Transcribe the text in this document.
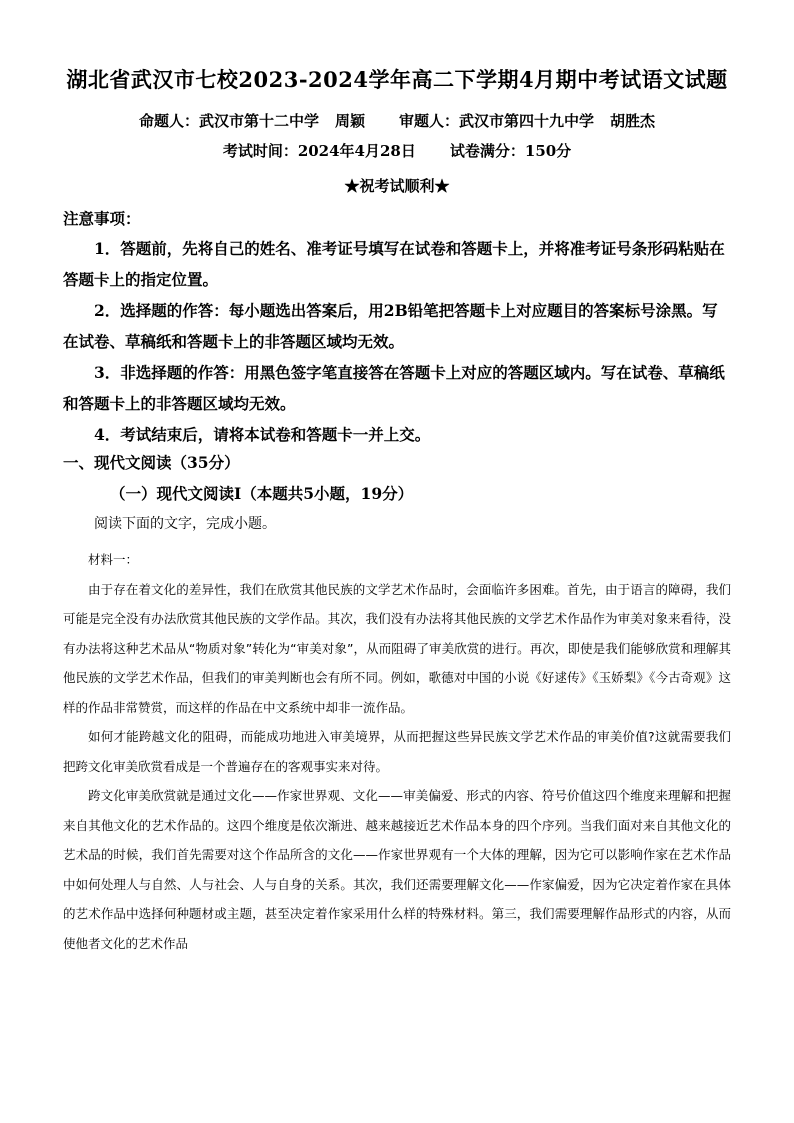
湖北省武汉市七校2023-2024学年高二下学期4月期中考试语文试题
命题人：武汉市第十二中学 周颖 审题人：武汉市第四十九中学 胡胜杰
考试时间：2024年4月28日 试卷满分：150分
★祝考试顺利★
注意事项：

1．答题前，先将自己的姓名、准考证号填写在试卷和答题卡上，并将准考证号条形码粘贴在答题卡上的指定位置。

2．选择题的作答：每小题选出答案后，用2B铅笔把答题卡上对应题目的答案标号涂黑。写在试卷、草稿纸和答题卡上的非答题区域均无效。

3．非选择题的作答：用黑色签字笔直接答在答题卡上对应的答题区域内。写在试卷、草稿纸和答题卡上的非答题区域均无效。

4．考试结束后，请将本试卷和答题卡一并上交。

一、现代文阅读（35分）
（一）现代文阅读Ⅰ（本题共5小题，19分）
阅读下面的文字，完成小题。

材料一：

由于存在着文化的差异性，我们在欣赏其他民族的文学艺术作品时，会面临许多困难。首先，由于语言的障碍，我们可能是完全没有办法欣赏其他民族的文学作品。其次，我们没有办法将其他民族的文学艺术作品作为审美对象来看待，没有办法将这种艺术品从“物质对象”转化为“审美对象”，从而阻碍了审美欣赏的进行。再次，即使是我们能够欣赏和理解其他民族的文学艺术作品，但我们的审美判断也会有所不同。例如，歌德对中国的小说《好逑传》《玉娇梨》《今古奇观》这样的作品非常赞赏，而这样的作品在中文系统中却非一流作品。

如何才能跨越文化的阻碍，而能成功地进入审美境界，从而把握这些异民族文学艺术作品的审美价值?这就需要我们把跨文化审美欣赏看成是一个普遍存在的客观事实来对待。

跨文化审美欣赏就是通过文化——作家世界观、文化——审美偏爱、形式的内容、符号价值这四个维度来理解和把握来自其他文化的艺术作品的。这四个维度是依次渐进、越来越接近艺术作品本身的四个序列。当我们面对来自其他文化的艺术品的时候，我们首先需要对这个作品所含的文化——作家世界观有一个大体的理解，因为它可以影响作家在艺术作品中如何处理人与自然、人与社会、人与自身的关系。其次，我们还需要理解文化——作家偏爱，因为它决定着作家在具体的艺术作品中选择何种题材或主题，甚至决定着作家采用什么样的特殊材料。第三，我们需要理解作品形式的内容，从而使他者文化的艺术作品
